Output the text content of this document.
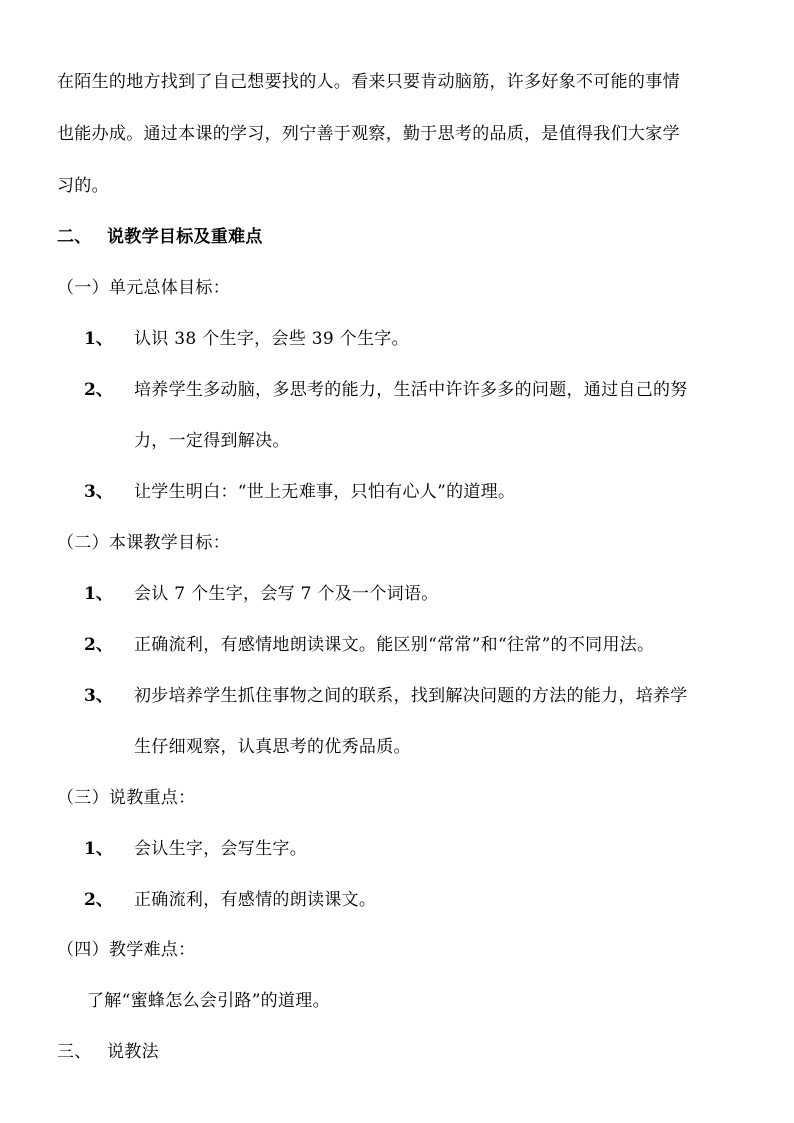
在陌生的地方找到了自己想要找的人。看来只要肯动脑筋，许多好象不可能的事情
也能办成。通过本课的学习，列宁善于观察，勤于思考的品质，是值得我们大家学
习的。
二、 说教学目标及重难点
（一）单元总体目标：
1、 认识 38 个生字，会些 39 个生字。
2、 培养学生多动脑，多思考的能力，生活中许许多多的问题，通过自己的努
力，一定得到解决。
3、 让学生明白：“世上无难事，只怕有心人”的道理。
（二）本课教学目标：
1、 会认 7 个生字，会写 7 个及一个词语。
2、 正确流利，有感情地朗读课文。能区别“常常”和“往常”的不同用法。
3、 初步培养学生抓住事物之间的联系，找到解决问题的方法的能力，培养学
生仔细观察，认真思考的优秀品质。
（三）说教重点：
1、 会认生字，会写生字。
2、 正确流利，有感情的朗读课文。
（四）教学难点：
了解“蜜蜂怎么会引路”的道理。
三、 说教法
